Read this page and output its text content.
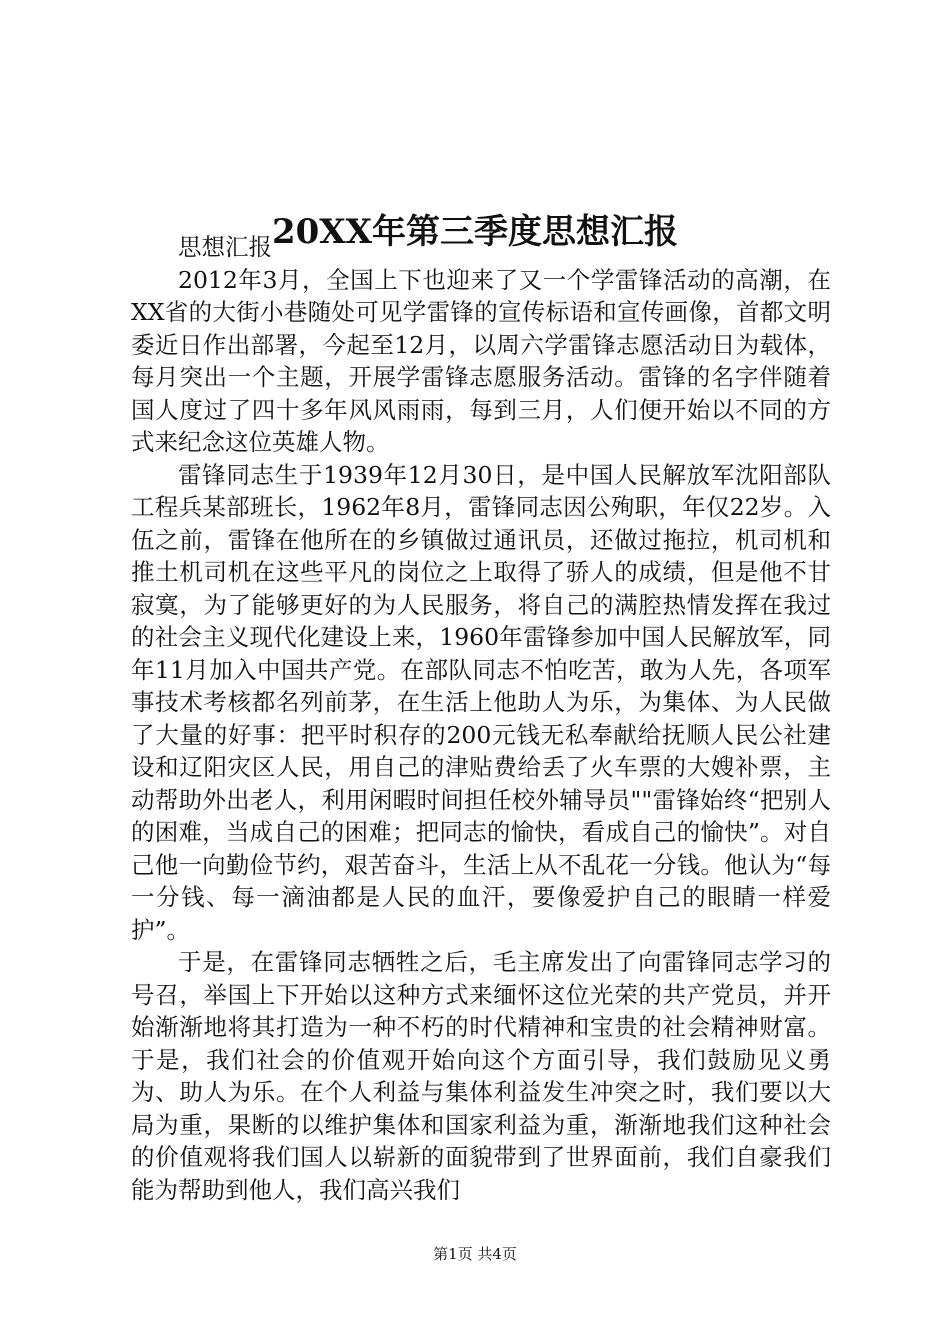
20XX年第三季度思想汇报

思想汇报

2012年3月，全国上下也迎来了又一个学雷锋活动的高潮，在XX省的大街小巷随处可见学雷锋的宣传标语和宣传画像，首都文明委近日作出部署，今起至12月，以周六学雷锋志愿活动日为载体，每月突出一个主题，开展学雷锋志愿服务活动。雷锋的名字伴随着国人度过了四十多年风风雨雨，每到三月，人们便开始以不同的方式来纪念这位英雄人物。

雷锋同志生于1939年12月30日，是中国人民解放军沈阳部队工程兵某部班长，1962年8月，雷锋同志因公殉职，年仅22岁。入伍之前，雷锋在他所在的乡镇做过通讯员，还做过拖拉，机司机和推土机司机在这些平凡的岗位之上取得了骄人的成绩，但是他不甘寂寞，为了能够更好的为人民服务，将自己的满腔热情发挥在我过的社会主义现代化建设上来，1960年雷锋参加中国人民解放军，同年11月加入中国共产党。在部队同志不怕吃苦，敢为人先，各项军事技术考核都名列前茅，在生活上他助人为乐，为集体、为人民做了大量的好事：把平时积存的200元钱无私奉献给抚顺人民公社建设和辽阳灾区人民，用自己的津贴费给丢了火车票的大嫂补票，主动帮助外出老人，利用闲暇时间担任校外辅导员""雷锋始终“把别人的困难，当成自己的困难；把同志的愉快，看成自己的愉快”。对自己他一向勤俭节约，艰苦奋斗，生活上从不乱花一分钱。他认为“每一分钱、每一滴油都是人民的血汗，要像爱护自己的眼睛一样爱护”。

于是，在雷锋同志牺牲之后，毛主席发出了向雷锋同志学习的号召，举国上下开始以这种方式来缅怀这位光荣的共产党员，并开始渐渐地将其打造为一种不朽的时代精神和宝贵的社会精神财富。于是，我们社会的价值观开始向这个方面引导，我们鼓励见义勇为、助人为乐。在个人利益与集体利益发生冲突之时，我们要以大局为重，果断的以维护集体和国家利益为重，渐渐地我们这种社会的价值观将我们国人以崭新的面貌带到了世界面前，我们自豪我们能为帮助到他人，我们高兴我们

第1页 共4页
